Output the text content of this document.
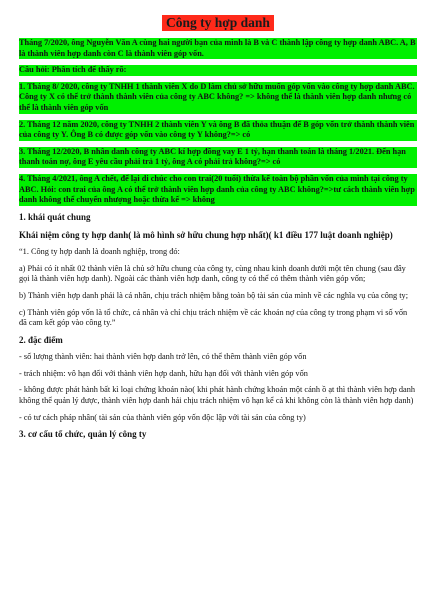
Công ty hợp danh

Tháng 7/2020, ông Nguyễn Văn A cùng hai người bạn của mình là B và C thành lập công ty hợp danh ABC. A, B là thành viên hợp danh còn C là thành viên góp vốn.

Câu hỏi: Phân tích để thấy rõ:

1. Tháng 8/ 2020, công ty TNHH 1 thành viên X do D làm chủ sở hữu muốn góp vốn vào công ty hợp danh ABC. Công ty X có thể trở thành thành viên của công ty ABC không? => không thể là thành viên hợp danh nhưng có thể là thành viên góp vốn

2. Tháng 12 năm 2020, công ty TNHH 2 thành viên Y và ông B đã thỏa thuận để B góp vốn trở thành thành viên của công ty Y. Ông B có được góp vốn vào công ty Y không?=> có

3. Tháng 12/2020, B nhân danh công ty ABC kí hợp đồng vay E 1 tỷ, hạn thanh toán là tháng 1/2021. Đến hạn thanh toán nợ, ông E yêu cầu phải trả 1 tỷ, ông A có phải trả không?=> có

4. Tháng 4/2021, ông A chết, để lại di chúc cho con trai(20 tuổi) thừa kế toàn bộ phần vốn của mình tại công ty ABC. Hỏi: con trai của ông A có thể trở thành viên hợp danh của công ty ABC không?=>tư cách thành viên hợp danh không thể chuyển nhượng hoặc thừa kế => không

1. khái quát chung

Khái niệm công ty hợp danh( là mô hình sở hữu chung hợp nhất)( k1 điều 177 luật doanh nghiệp)

“1. Công ty hợp danh là doanh nghiệp, trong đó:

a) Phải có ít nhất 02 thành viên là chủ sở hữu chung của công ty, cùng nhau kinh doanh dưới một tên chung (sau đây gọi là thành viên hợp danh). Ngoài các thành viên hợp danh, công ty có thể có thêm thành viên góp vốn;

b) Thành viên hợp danh phải là cá nhân, chịu trách nhiệm bằng toàn bộ tài sản của mình về các nghĩa vụ của công ty;

c) Thành viên góp vốn là tổ chức, cá nhân và chỉ chịu trách nhiệm về các khoản nợ của công ty trong phạm vi số vốn đã cam kết góp vào công ty.”

2. đặc điểm

- số lượng thành viên: hai thành viên hợp danh trở lên, có thể thêm thành viên góp vốn

- trách nhiệm: vô hạn đối với thành viên hợp danh, hữu hạn đối với thành viên góp vốn

- không được phát hành bất kì loại chứng khoán nào( khi phát hành chứng khoán một cánh ồ ạt thì thành viên hợp danh không thể quản lý được, thành viên hợp danh hải chịu trách nhiệm vô hạn kể cả khi không còn là thành viên hợp danh)

- có tư cách pháp nhân( tài sản của thành viên góp vốn độc lập với tài sản của công ty)

3. cơ cấu tổ chức, quản lý công ty
